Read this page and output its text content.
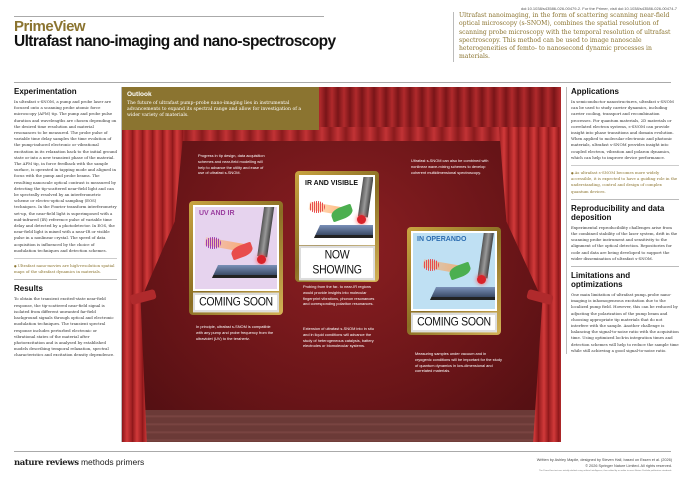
doi:10.1038/s43586-026-00479-2. For the Primer, visit doi:10.1038/s43586-026-00474-7
PrimeView
Ultrafast nano-imaging and nano-spectroscopy
Ultrafast nanoimaging, in the form of scattering scanning near-field optical microscopy (s-SNOM), combines the spatial resolution of scanning probe microscopy with the temporal resolution of ultrafast spectroscopy. This method can be used to image nanoscale heterogeneities of femto- to nanosecond dynamic processes in materials.
Experimentation

In ultrafast s-SNOM, a pump and probe laser are focused onto a scanning probe atomic force microscopy (AFM) tip. The pump and probe pulse duration and wavelengths are chosen depending on the desired time resolution and material resonances to be measured. The probe pulse of variable time delay samples the time evolution of the pump-induced electronic or vibrational excitation in its relaxation back to the initial ground state or into a new transient phase of the material. The AFM tip, in force feedback with the sample surface, is operated in tapping mode and aligned in focus with the pump and probe beams. The resulting nanoscale optical contrast is measured by detecting the tip-scattered near-field light and can be spectrally resolved by an interferometric scheme or electro-optical sampling (EOS) techniques. In the Fourier transform interferometry set-up, the near-field light is superimposed with a mid-infrared (IR) reference pulse of variable time delay and detected by a photodetector. In EOS, the near-field light is mixed with a near-IR or visible pulse in a nonlinear crystal. The speed of data acquisition is influenced by the choice of modulation techniques and detection schemes.

● Ultrafast nano-movies are high-resolution spatial maps of the ultrafast dynamics in materials.

Results

To obtain the transient excited-state near-field response, the tip-scattered near-field signal is isolated from different unwanted far-field background signals through optical and electronic modulation techniques. The transient spectral response includes perturbed electronic or vibrational states of the material after photoexcitation and is analysed by established models describing temporal relaxation, spectral characteristics and excitation density dependence.

Outlook

The future of ultrafast pump–probe nano-imaging lies in instrumental advancements to expand its spectral range and allow for investigation of a wider variety of materials.

Progress in tip design, data acquisition schemes and near-field modelling will help to advance the utility and ease of use of ultrafast s-SNOM.
Ultrafast s-SNOM can also be combined with nonlinear wave-mixing schemes to develop coherent multidimensional spectroscopy.
In principle, ultrafast s-SNOM is compatible with any pump and probe frequency from the ultraviolet (UV) to the terahertz.
Probing from the far- to near-IR regions would provide insights into molecular fingerprint vibrations, phonon resonances and corresponding polariton resonances.
Extension of ultrafast s-SNOM into in situ and in liquid conditions will advance the study of heterogeneous catalysis, battery electrodes or biomolecular systems.
Measuring samples under vacuum and in cryogenic conditions will be important for the study of quantum dynamics in low-dimensional and correlated materials.
IR AND VISIBLE
NOW SHOWING
UV AND IR
COMING SOON
IN OPERANDO
COMING SOON
Applications

In semiconductor nanostructures, ultrafast s-SNOM can be used to study carrier dynamics, including carrier cooling, transport and recombination processes. For quantum materials, 2D materials or correlated electron systems, s-SNOM can provide insight into phase transitions and domain evolution. When applied to molecular electronic and photonic materials, ultrafast s-SNOM provides insight into coupled electron, vibration and polaron dynamics, which can help to improve device performance.

● As ultrafast s-SNOM becomes more widely accessible, it is expected to have a guiding role in the understanding, control and design of complex quantum devices.

Reproducibility and data deposition

Experimental reproducibility challenges arise from the combined stability of the laser system, drift in the scanning probe instrument and sensitivity to the alignment of the optical detection. Repositories for code and data are being developed to support the wider dissemination of ultrafast s-SNOM.

Limitations and optimizations

One main limitation of ultrafast pump–probe nano-imaging is inhomogeneous excitation due to the localized pump field. However, this can be reduced by adjusting the polarization of the pump beam and choosing appropriate tip materials that do not interfere with the sample. Another challenge is balancing the signal-to-noise ratio with the acquisition time. Using optimized lock-in integration times and detection schemes will help to reduce the sample time while still achieving a good signal-to-noise ratio.

nature reviews methods primers	Written by Ashley Mapile, designed by Steven Hall, based on Essen et al. (2026)
© 2026 Springer Nature Limited. All rights reserved.
The PrimeView text was initially drafted using artificial intelligence, then edited by an editor to meet Nature Portfolio publication standards.
